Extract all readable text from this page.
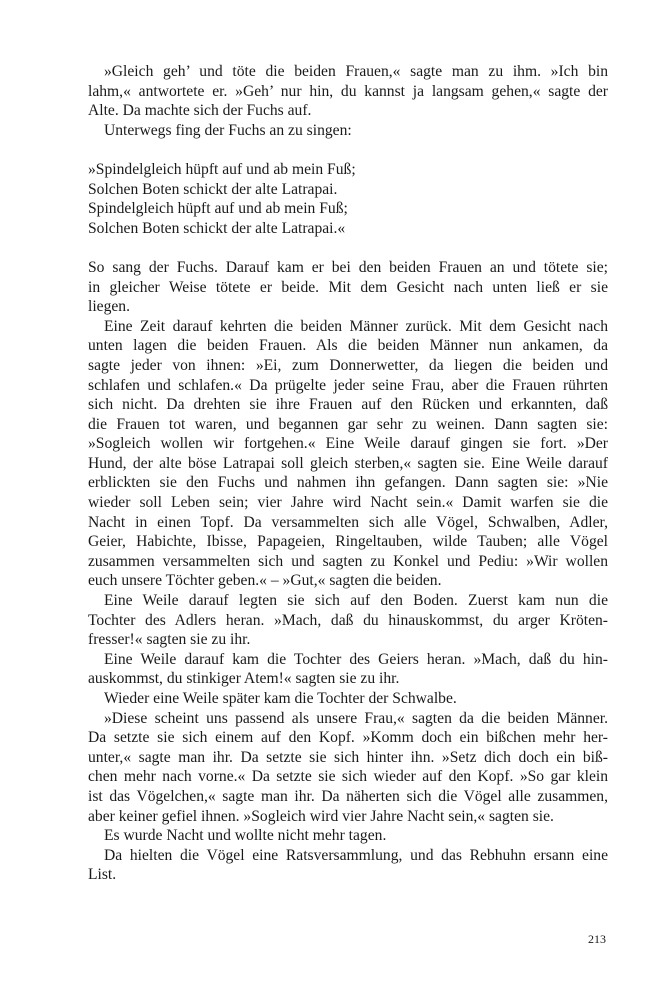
»Gleich geh’ und töte die beiden Frauen,« sagte man zu ihm. »Ich bin
lahm,« antwortete er. »Geh’ nur hin, du kannst ja langsam gehen,« sagte der
Alte. Da machte sich der Fuchs auf.
Unterwegs fing der Fuchs an zu singen:
»Spindelgleich hüpft auf und ab mein Fuß;
Solchen Boten schickt der alte Latrapai.
Spindelgleich hüpft auf und ab mein Fuß;
Solchen Boten schickt der alte Latrapai.«
So sang der Fuchs. Darauf kam er bei den beiden Frauen an und tötete sie;
in gleicher Weise tötete er beide. Mit dem Gesicht nach unten ließ er sie
liegen.
Eine Zeit darauf kehrten die beiden Männer zurück. Mit dem Gesicht nach
unten lagen die beiden Frauen. Als die beiden Männer nun ankamen, da
sagte jeder von ihnen: »Ei, zum Donnerwetter, da liegen die beiden und
schlafen und schlafen.« Da prügelte jeder seine Frau, aber die Frauen rührten
sich nicht. Da drehten sie ihre Frauen auf den Rücken und erkannten, daß
die Frauen tot waren, und begannen gar sehr zu weinen. Dann sagten sie:
»Sogleich wollen wir fortgehen.« Eine Weile darauf gingen sie fort. »Der
Hund, der alte böse Latrapai soll gleich sterben,« sagten sie. Eine Weile darauf
erblickten sie den Fuchs und nahmen ihn gefangen. Dann sagten sie: »Nie
wieder soll Leben sein; vier Jahre wird Nacht sein.« Damit warfen sie die
Nacht in einen Topf. Da versammelten sich alle Vögel, Schwalben, Adler,
Geier, Habichte, Ibisse, Papageien, Ringeltauben, wilde Tauben; alle Vögel
zusammen versammelten sich und sagten zu Konkel und Pediu: »Wir wollen
euch unsere Töchter geben.« – »Gut,« sagten die beiden.
Eine Weile darauf legten sie sich auf den Boden. Zuerst kam nun die
Tochter des Adlers heran. »Mach, daß du hinauskommst, du arger Kröten-
fresser!« sagten sie zu ihr.
Eine Weile darauf kam die Tochter des Geiers heran. »Mach, daß du hin-
auskommst, du stinkiger Atem!« sagten sie zu ihr.
Wieder eine Weile später kam die Tochter der Schwalbe.
»Diese scheint uns passend als unsere Frau,« sagten da die beiden Männer.
Da setzte sie sich einem auf den Kopf. »Komm doch ein bißchen mehr her-
unter,« sagte man ihr. Da setzte sie sich hinter ihn. »Setz dich doch ein biß-
chen mehr nach vorne.« Da setzte sie sich wieder auf den Kopf. »So gar klein
ist das Vögelchen,« sagte man ihr. Da näherten sich die Vögel alle zusammen,
aber keiner gefiel ihnen. »Sogleich wird vier Jahre Nacht sein,« sagten sie.
Es wurde Nacht und wollte nicht mehr tagen.
Da hielten die Vögel eine Ratsversammlung, und das Rebhuhn ersann eine
List.
213
